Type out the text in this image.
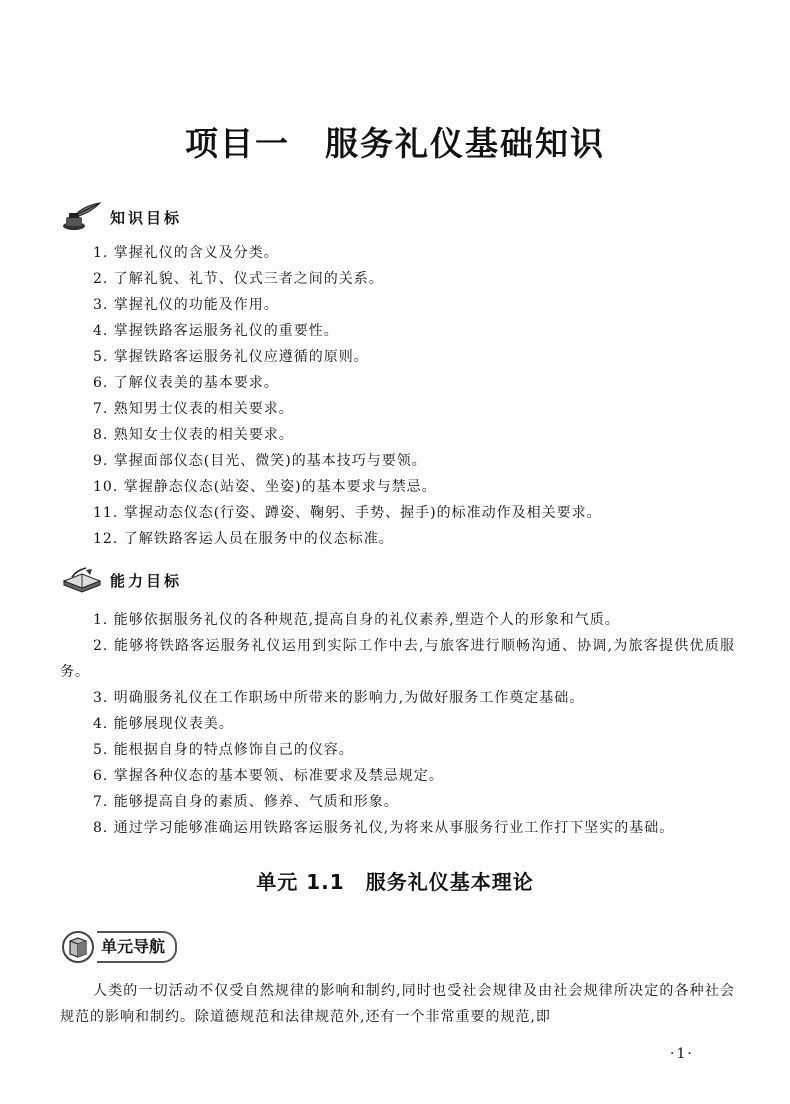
项目一　服务礼仪基础知识
知识目标
1. 掌握礼仪的含义及分类。
2. 了解礼貌、礼节、仪式三者之间的关系。
3. 掌握礼仪的功能及作用。
4. 掌握铁路客运服务礼仪的重要性。
5. 掌握铁路客运服务礼仪应遵循的原则。
6. 了解仪表美的基本要求。
7. 熟知男士仪表的相关要求。
8. 熟知女士仪表的相关要求。
9. 掌握面部仪态(目光、微笑)的基本技巧与要领。
10. 掌握静态仪态(站姿、坐姿)的基本要求与禁忌。
11. 掌握动态仪态(行姿、蹲姿、鞠躬、手势、握手)的标准动作及相关要求。
12. 了解铁路客运人员在服务中的仪态标准。
能力目标
1. 能够依据服务礼仪的各种规范,提高自身的礼仪素养,塑造个人的形象和气质。
2. 能够将铁路客运服务礼仪运用到实际工作中去,与旅客进行顺畅沟通、协调,为旅客提供优质服务。
3. 明确服务礼仪在工作职场中所带来的影响力,为做好服务工作奠定基础。
4. 能够展现仪表美。
5. 能根据自身的特点修饰自己的仪容。
6. 掌握各种仪态的基本要领、标准要求及禁忌规定。
7. 能够提高自身的素质、修养、气质和形象。
8. 通过学习能够准确运用铁路客运服务礼仪,为将来从事服务行业工作打下坚实的基础。
单元 1.1　服务礼仪基本理论
单元导航

人类的一切活动不仅受自然规律的影响和制约,同时也受社会规律及由社会规律所决定的各种社会规范的影响和制约。除道德规范和法律规范外,还有一个非常重要的规范,即

·1·
